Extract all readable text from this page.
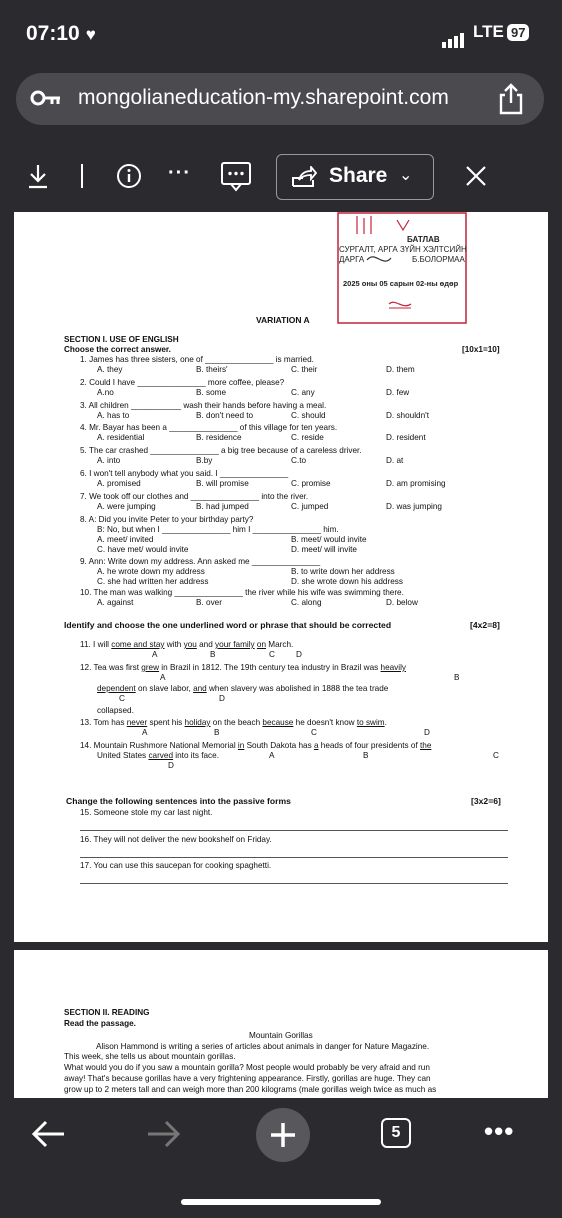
07:10 ♥	LTE 97
mongolianeducation-my.sharepoint.com
···	Share ⌄
БАТЛАВ
СУРГАЛТ, АРГА ЗҮЙН ХЭЛТСИЙН
ДАРГА	Б.БОЛОРМАА
2025 оны 05 сарын 02-ны өдөр
VARIATION A
SECTION I. USE OF ENGLISH
Choose the correct answer.	[10x1=10]
8. A: Did you invite Peter to your birthday party?
B: No, but when I _______________ him I _______________ him.
A. meet/ invited	B. meet/ would invite
C. have met/ would invite	D. meet/ will invite
9. Ann: Write down my address. Ann asked me _______________
A. he wrote down my address	B. to write down her address
C. she had written her address	D. she wrote down his address
10. The man was walking _______________ the river while his wife was swimming there.
A. against	B. over	C. along	D. below
Identify and choose the one underlined word or phrase that should be corrected	[4x2=8]
11. I will come and stay with you and your family on March.
A	B	C	D
12. Tea was first grew in Brazil in 1812. The 19th century tea industry in Brazil was heavily
A	B
dependent on slave labor, and when slavery was abolished in 1888 the tea trade
C	D
collapsed.
13. Tom has never spent his holiday on the beach because he doesn't know to swim.
A	B	C	D
14. Mountain Rushmore National Memorial in South Dakota has a heads of four presidents of the
United States carved into its face.	A	B	C
D
Change the following sentences into the passive forms	[3x2=6]
15. Someone stole my car last night.
16. They will not deliver the new bookshelf on Friday.
17. You can use this saucepan for cooking spaghetti.
1. James has three sisters, one of _______________ is married.
A. they	B. theirs'	C. their	D. them
2. Could I have _______________ more coffee, please?
A.no	B. some	C. any	D. few
3. All children ___________ wash their hands before having a meal.
A. has to	B. don't need to	C. should	D. shouldn't
4. Mr. Bayar has been a _______________ of this village for ten years.
A. residential	B. residence	C. reside	D. resident
5. The car crashed _______________ a big tree because of a careless driver.
A. into	B.by	C.to	D. at
6. I won't tell anybody what you said. I _______________
A. promised	B. will promise	C. promise	D. am promising
7. We took off our clothes and _______________ into the river.
A. were jumping	B. had jumped	C. jumped	D. was jumping
SECTION II. READING
Read the passage.
Mountain Gorillas
Alison Hammond is writing a series of articles about animals in danger for Nature Magazine.
This week, she tells us about mountain gorillas.
What would you do if you saw a mountain gorilla? Most people would probably be very afraid and run
away! That's because gorillas have a very frightening appearance. Firstly, gorillas are huge. They can
grow up to 2 meters tall and can weigh more than 200 kilograms (male gorillas weigh twice as much as
5	•••
